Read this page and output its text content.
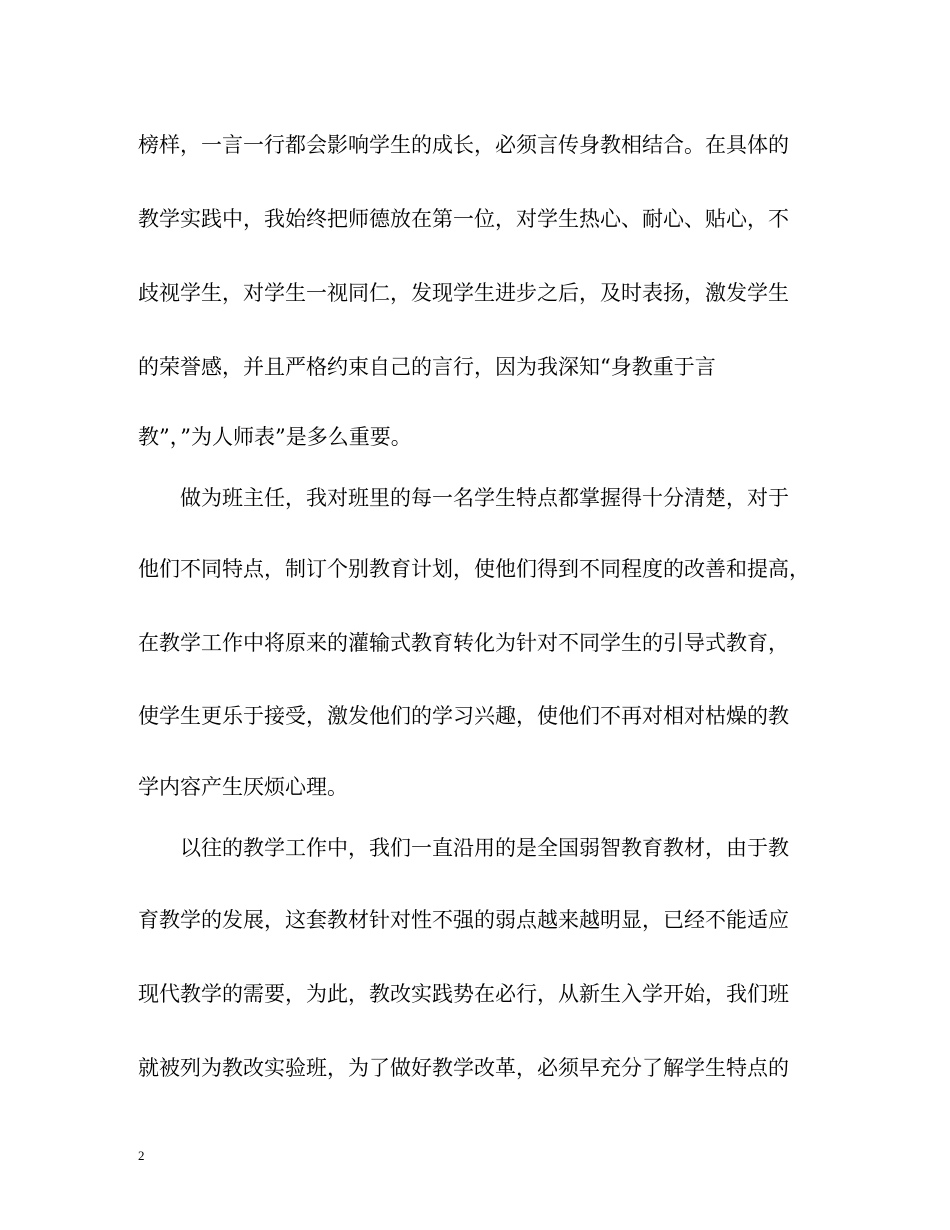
榜样，一言一行都会影响学生的成长，必须言传身教相结合。在具体的
教学实践中，我始终把师德放在第一位，对学生热心、耐心、贴心，不
歧视学生，对学生一视同仁，发现学生进步之后，及时表扬，激发学生
的荣誉感，并且严格约束自己的言行，因为我深知“身教重于言
教”，”为人师表”是多么重要。
　　做为班主任，我对班里的每一名学生特点都掌握得十分清楚，对于
他们不同特点，制订个别教育计划，使他们得到不同程度的改善和提高，
在教学工作中将原来的灌输式教育转化为针对不同学生的引导式教育，
使学生更乐于接受，激发他们的学习兴趣，使他们不再对相对枯燥的教
学内容产生厌烦心理。
　　以往的教学工作中，我们一直沿用的是全国弱智教育教材，由于教
育教学的发展，这套教材针对性不强的弱点越来越明显，已经不能适应
现代教学的需要，为此，教改实践势在必行，从新生入学开始，我们班
就被列为教改实验班，为了做好教学改革，必须早充分了解学生特点的
2
